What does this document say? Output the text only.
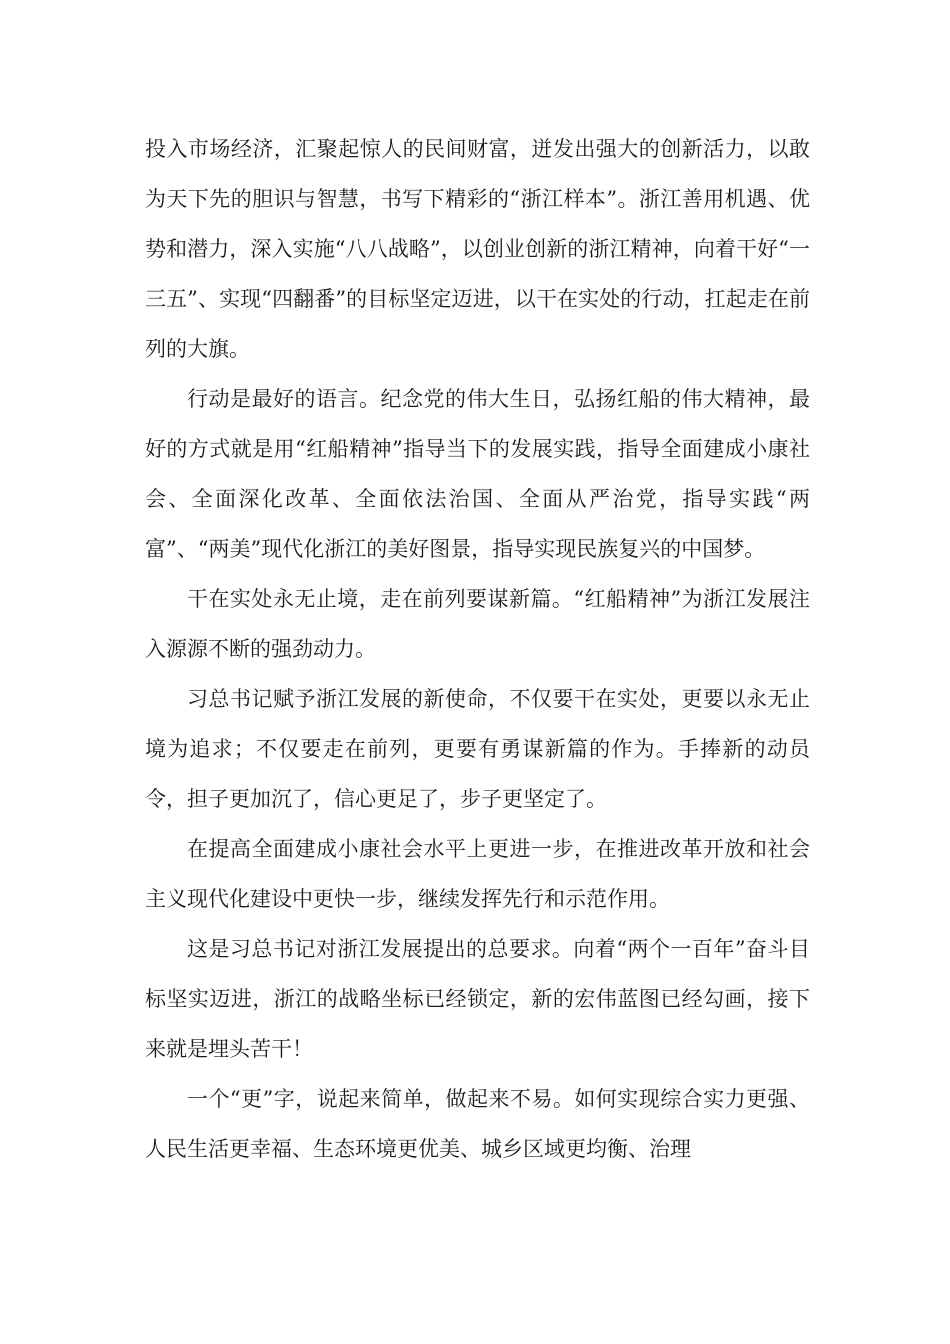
投入市场经济，汇聚起惊人的民间财富，迸发出强大的创新活力，以敢为天下先的胆识与智慧，书写下精彩的“浙江样本”。浙江善用机遇、优势和潜力，深入实施“八八战略”，以创业创新的浙江精神，向着干好“一三五”、实现“四翻番”的目标坚定迈进，以干在实处的行动，扛起走在前列的大旗。

行动是最好的语言。纪念党的伟大生日，弘扬红船的伟大精神，最好的方式就是用“红船精神”指导当下的发展实践，指导全面建成小康社会、全面深化改革、全面依法治国、全面从严治党，指导实践“两富”、“两美”现代化浙江的美好图景，指导实现民族复兴的中国梦。

干在实处永无止境，走在前列要谋新篇。“红船精神”为浙江发展注入源源不断的强劲动力。

习总书记赋予浙江发展的新使命，不仅要干在实处，更要以永无止境为追求；不仅要走在前列，更要有勇谋新篇的作为。手捧新的动员令，担子更加沉了，信心更足了，步子更坚定了。

在提高全面建成小康社会水平上更进一步，在推进改革开放和社会主义现代化建设中更快一步，继续发挥先行和示范作用。

这是习总书记对浙江发展提出的总要求。向着“两个一百年”奋斗目标坚实迈进，浙江的战略坐标已经锁定，新的宏伟蓝图已经勾画，接下来就是埋头苦干！

一个“更”字，说起来简单，做起来不易。如何实现综合实力更强、人民生活更幸福、生态环境更优美、城乡区域更均衡、治理
